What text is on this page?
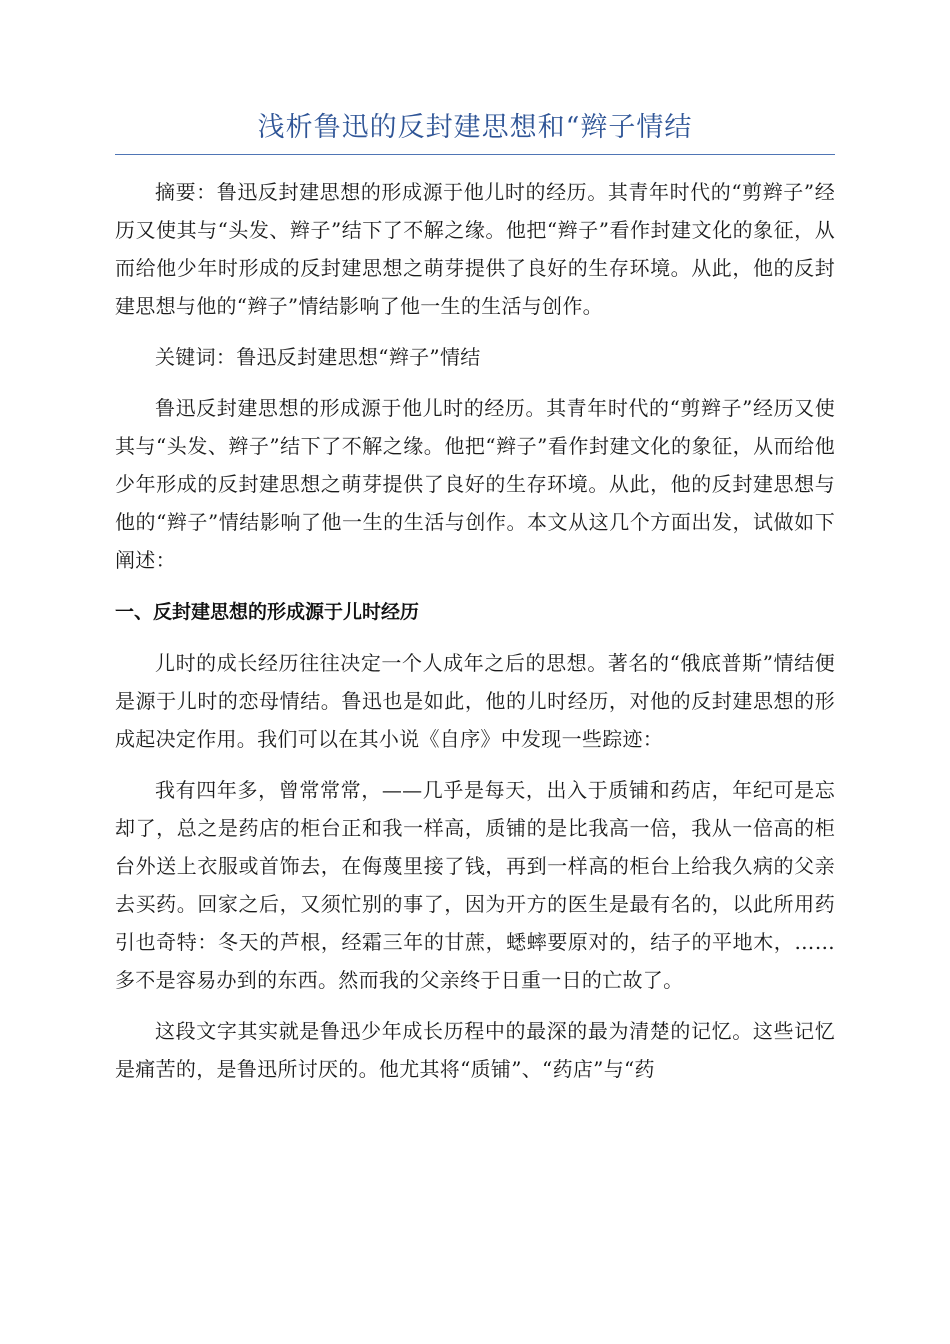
浅析鲁迅的反封建思想和“辫子情结

摘要：鲁迅反封建思想的形成源于他儿时的经历。其青年时代的“剪辫子”经历又使其与“头发、辫子”结下了不解之缘。他把“辫子”看作封建文化的象征，从而给他少年时形成的反封建思想之萌芽提供了良好的生存环境。从此，他的反封建思想与他的“辫子”情结影响了他一生的生活与创作。

关键词：鲁迅反封建思想“辫子”情结

鲁迅反封建思想的形成源于他儿时的经历。其青年时代的“剪辫子”经历又使其与“头发、辫子”结下了不解之缘。他把“辫子”看作封建文化的象征，从而给他少年形成的反封建思想之萌芽提供了良好的生存环境。从此，他的反封建思想与他的“辫子”情结影响了他一生的生活与创作。本文从这几个方面出发，试做如下阐述：

一、反封建思想的形成源于儿时经历

儿时的成长经历往往决定一个人成年之后的思想。著名的“俄底普斯”情结便是源于儿时的恋母情结。鲁迅也是如此，他的儿时经历，对他的反封建思想的形成起决定作用。我们可以在其小说《自序》中发现一些踪迹：

我有四年多，曾常常常，——几乎是每天，出入于质铺和药店，年纪可是忘却了，总之是药店的柜台正和我一样高，质铺的是比我高一倍，我从一倍高的柜台外送上衣服或首饰去，在侮蔑里接了钱，再到一样高的柜台上给我久病的父亲去买药。回家之后，又须忙别的事了，因为开方的医生是最有名的，以此所用药引也奇特：冬天的芦根，经霜三年的甘蔗，蟋蟀要原对的，结子的平地木，……多不是容易办到的东西。然而我的父亲终于日重一日的亡故了。

这段文字其实就是鲁迅少年成长历程中的最深的最为清楚的记忆。这些记忆是痛苦的，是鲁迅所讨厌的。他尤其将“质铺”、“药店”与“药
